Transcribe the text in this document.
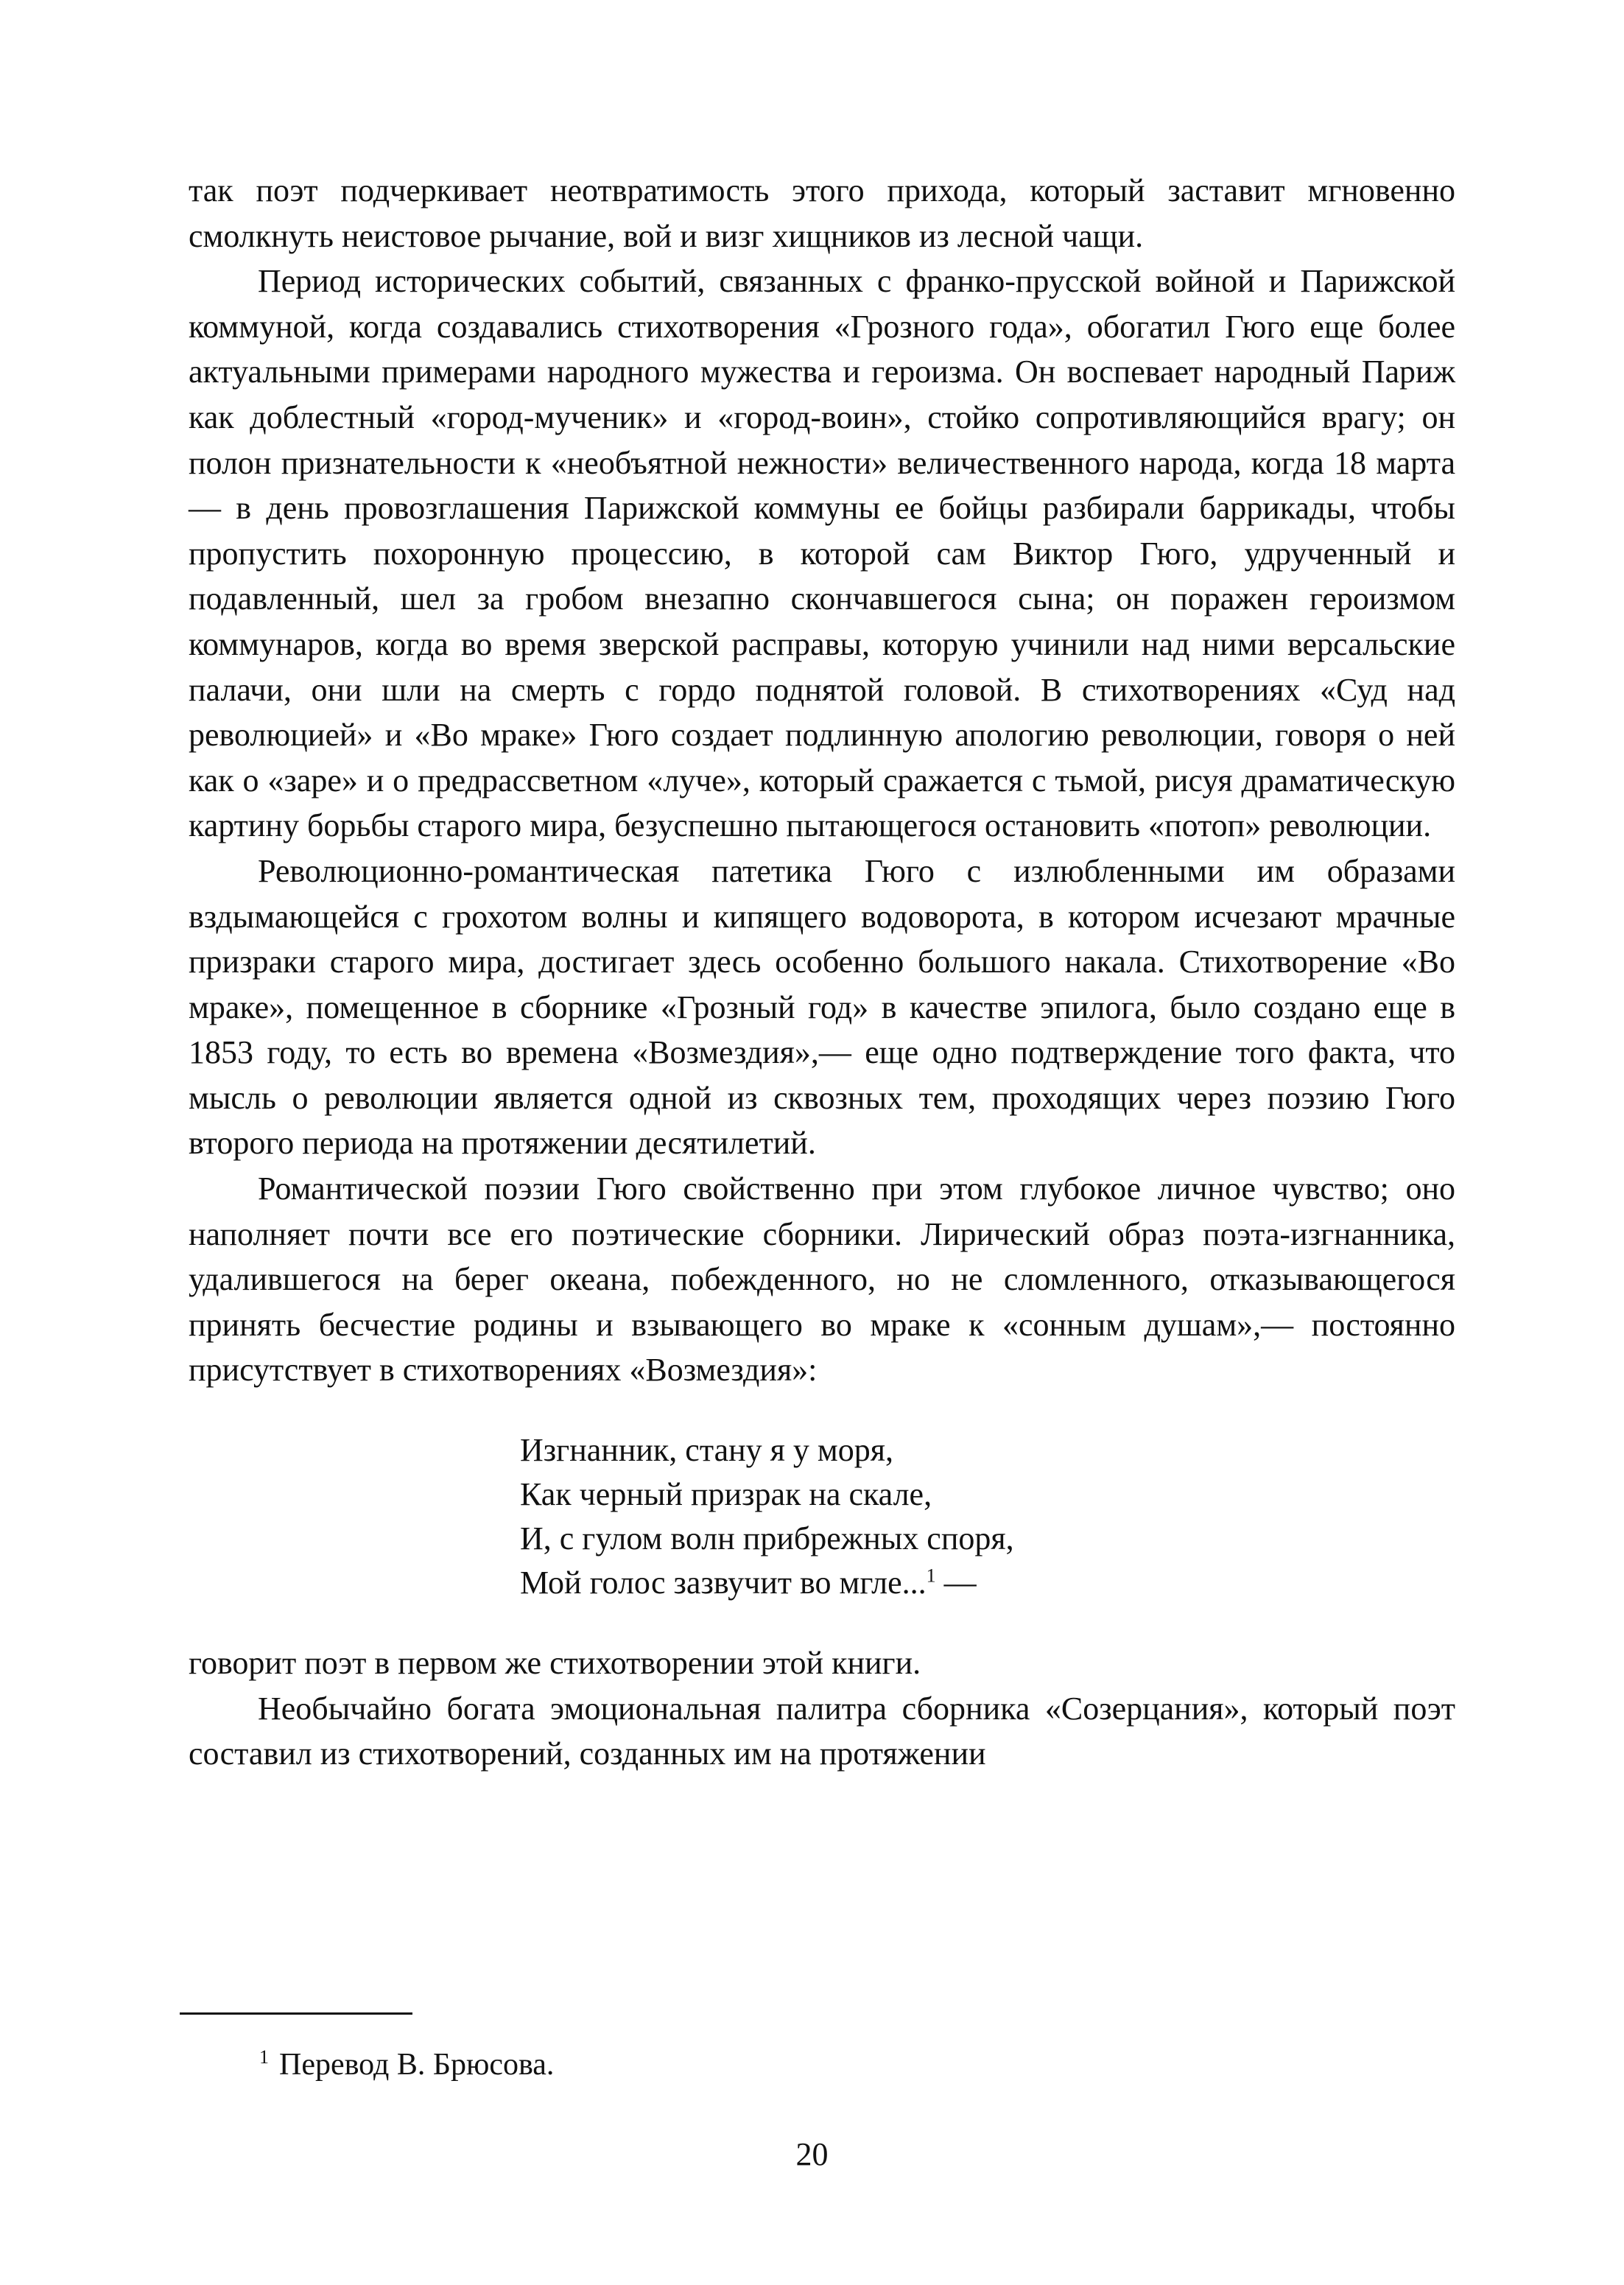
так поэт подчеркивает неотвратимость этого прихода, который заставит мгновенно смолкнуть неистовое рычание, вой и визг хищников из лесной чащи.

Период исторических событий, связанных с франко-прусской войной и Парижской коммуной, когда создавались стихотворения «Грозного года», обогатил Гюго еще более актуальными примерами народного мужества и героизма. Он воспевает народный Париж как доблестный «город-мученик» и «город-воин», стойко сопротивляющийся врагу; он полон признательности к «необъятной нежности» величественного народа, когда 18 марта — в день провозглашения Парижской коммуны ее бойцы разбирали баррикады, чтобы пропустить похоронную процессию, в которой сам Виктор Гюго, удрученный и подавленный, шел за гробом внезапно скончавшегося сына; он поражен героизмом коммунаров, когда во время зверской расправы, которую учинили над ними версальские палачи, они шли на смерть с гордо поднятой головой. В стихотворениях «Суд над революцией» и «Во мраке» Гюго создает подлинную апологию революции, говоря о ней как о «заре» и о предрассветном «луче», который сражается с тьмой, рисуя драматическую картину борьбы старого мира, безуспешно пытающегося остановить «потоп» революции.

Революционно-романтическая патетика Гюго с излюбленными им образами вздымающейся с грохотом волны и кипящего водоворота, в котором исчезают мрачные призраки старого мира, достигает здесь особенно большого накала. Стихотворение «Во мраке», помещенное в сборнике «Грозный год» в качестве эпилога, было создано еще в 1853 году, то есть во времена «Возмездия»,— еще одно подтверждение того факта, что мысль о революции является одной из сквозных тем, проходящих через поэзию Гюго второго периода на протяжении десятилетий.

Романтической поэзии Гюго свойственно при этом глубокое личное чувство; оно наполняет почти все его поэтические сборники. Лирический образ поэта-изгнанника, удалившегося на берег океана, побежденного, но не сломленного, отказывающегося принять бесчестие родины и взывающего во мраке к «сонным душам»,— постоянно присутствует в стихотворениях «Возмездия»:

Изгнанник, стану я у моря,
Как черный призрак на скале,
И, с гулом волн прибрежных споря,
Мой голос зазвучит во мгле...$^1$ —

говорит поэт в первом же стихотворении этой книги.

Необычайно богата эмоциональная палитра сборника «Созерцания», который поэт составил из стихотворений, созданных им на протяжении

$^1$ Перевод В. Брюсова.
20
